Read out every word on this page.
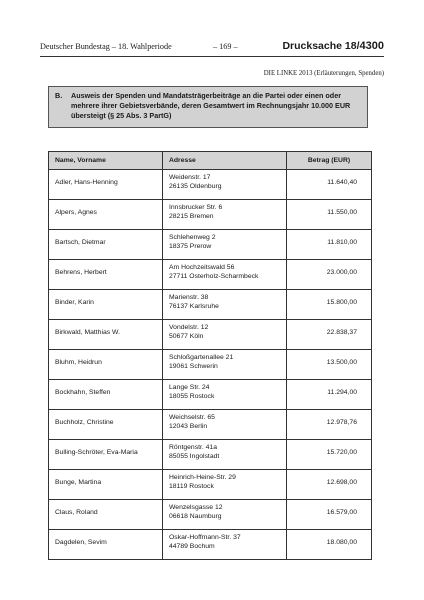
Deutscher Bundestag – 18. Wahlperiode	– 169 –	Drucksache 18/4300
DIE LINKE 2013 (Erläuterungen, Spenden)
B. Ausweis der Spenden und Mandatsträgerbeiträge an die Partei oder einen oder
mehrere ihrer Gebietsverbände, deren Gesamtwert im Rechnungsjahr 10.000 EUR
übersteigt (§ 25 Abs. 3 PartG)
Name, Vorname	Adresse	Betrag (EUR)

Adler, Hans-Henning	Weidenstr. 17
26135 Oldenburg	11.640,40

Alpers, Agnes	Innsbrucker Str. 6
28215 Bremen	11.550,00

Bartsch, Dietmar	Schlehenweg 2
18375 Prerow	11.810,00

Behrens, Herbert	Am Hochzeitswald 56
27711 Osterholz-Scharmbeck	23.000,00

Binder, Karin	Marienstr. 38
76137 Karlsruhe	15.800,00

Birkwald, Matthias W.	Vondelstr. 12
50677 Köln	22.838,37

Bluhm, Heidrun	Schloßgartenallee 21
19061 Schwerin	13.500,00

Bockhahn, Steffen	Lange Str. 24
18055 Rostock	11.294,00

Buchholz, Christine	Weichselstr. 65
12043 Berlin	12.978,76

Bulling-Schröter, Eva-Maria	Röntgenstr. 41a
85055 Ingolstadt	15.720,00

Bunge, Martina	Heinrich-Heine-Str. 29
18119 Rostock	12.698,00

Claus, Roland	Wenzelsgasse 12
06618 Naumburg	16.579,00

Dagdelen, Sevim	Oskar-Hoffmann-Str. 37
44789 Bochum	18.080,00
